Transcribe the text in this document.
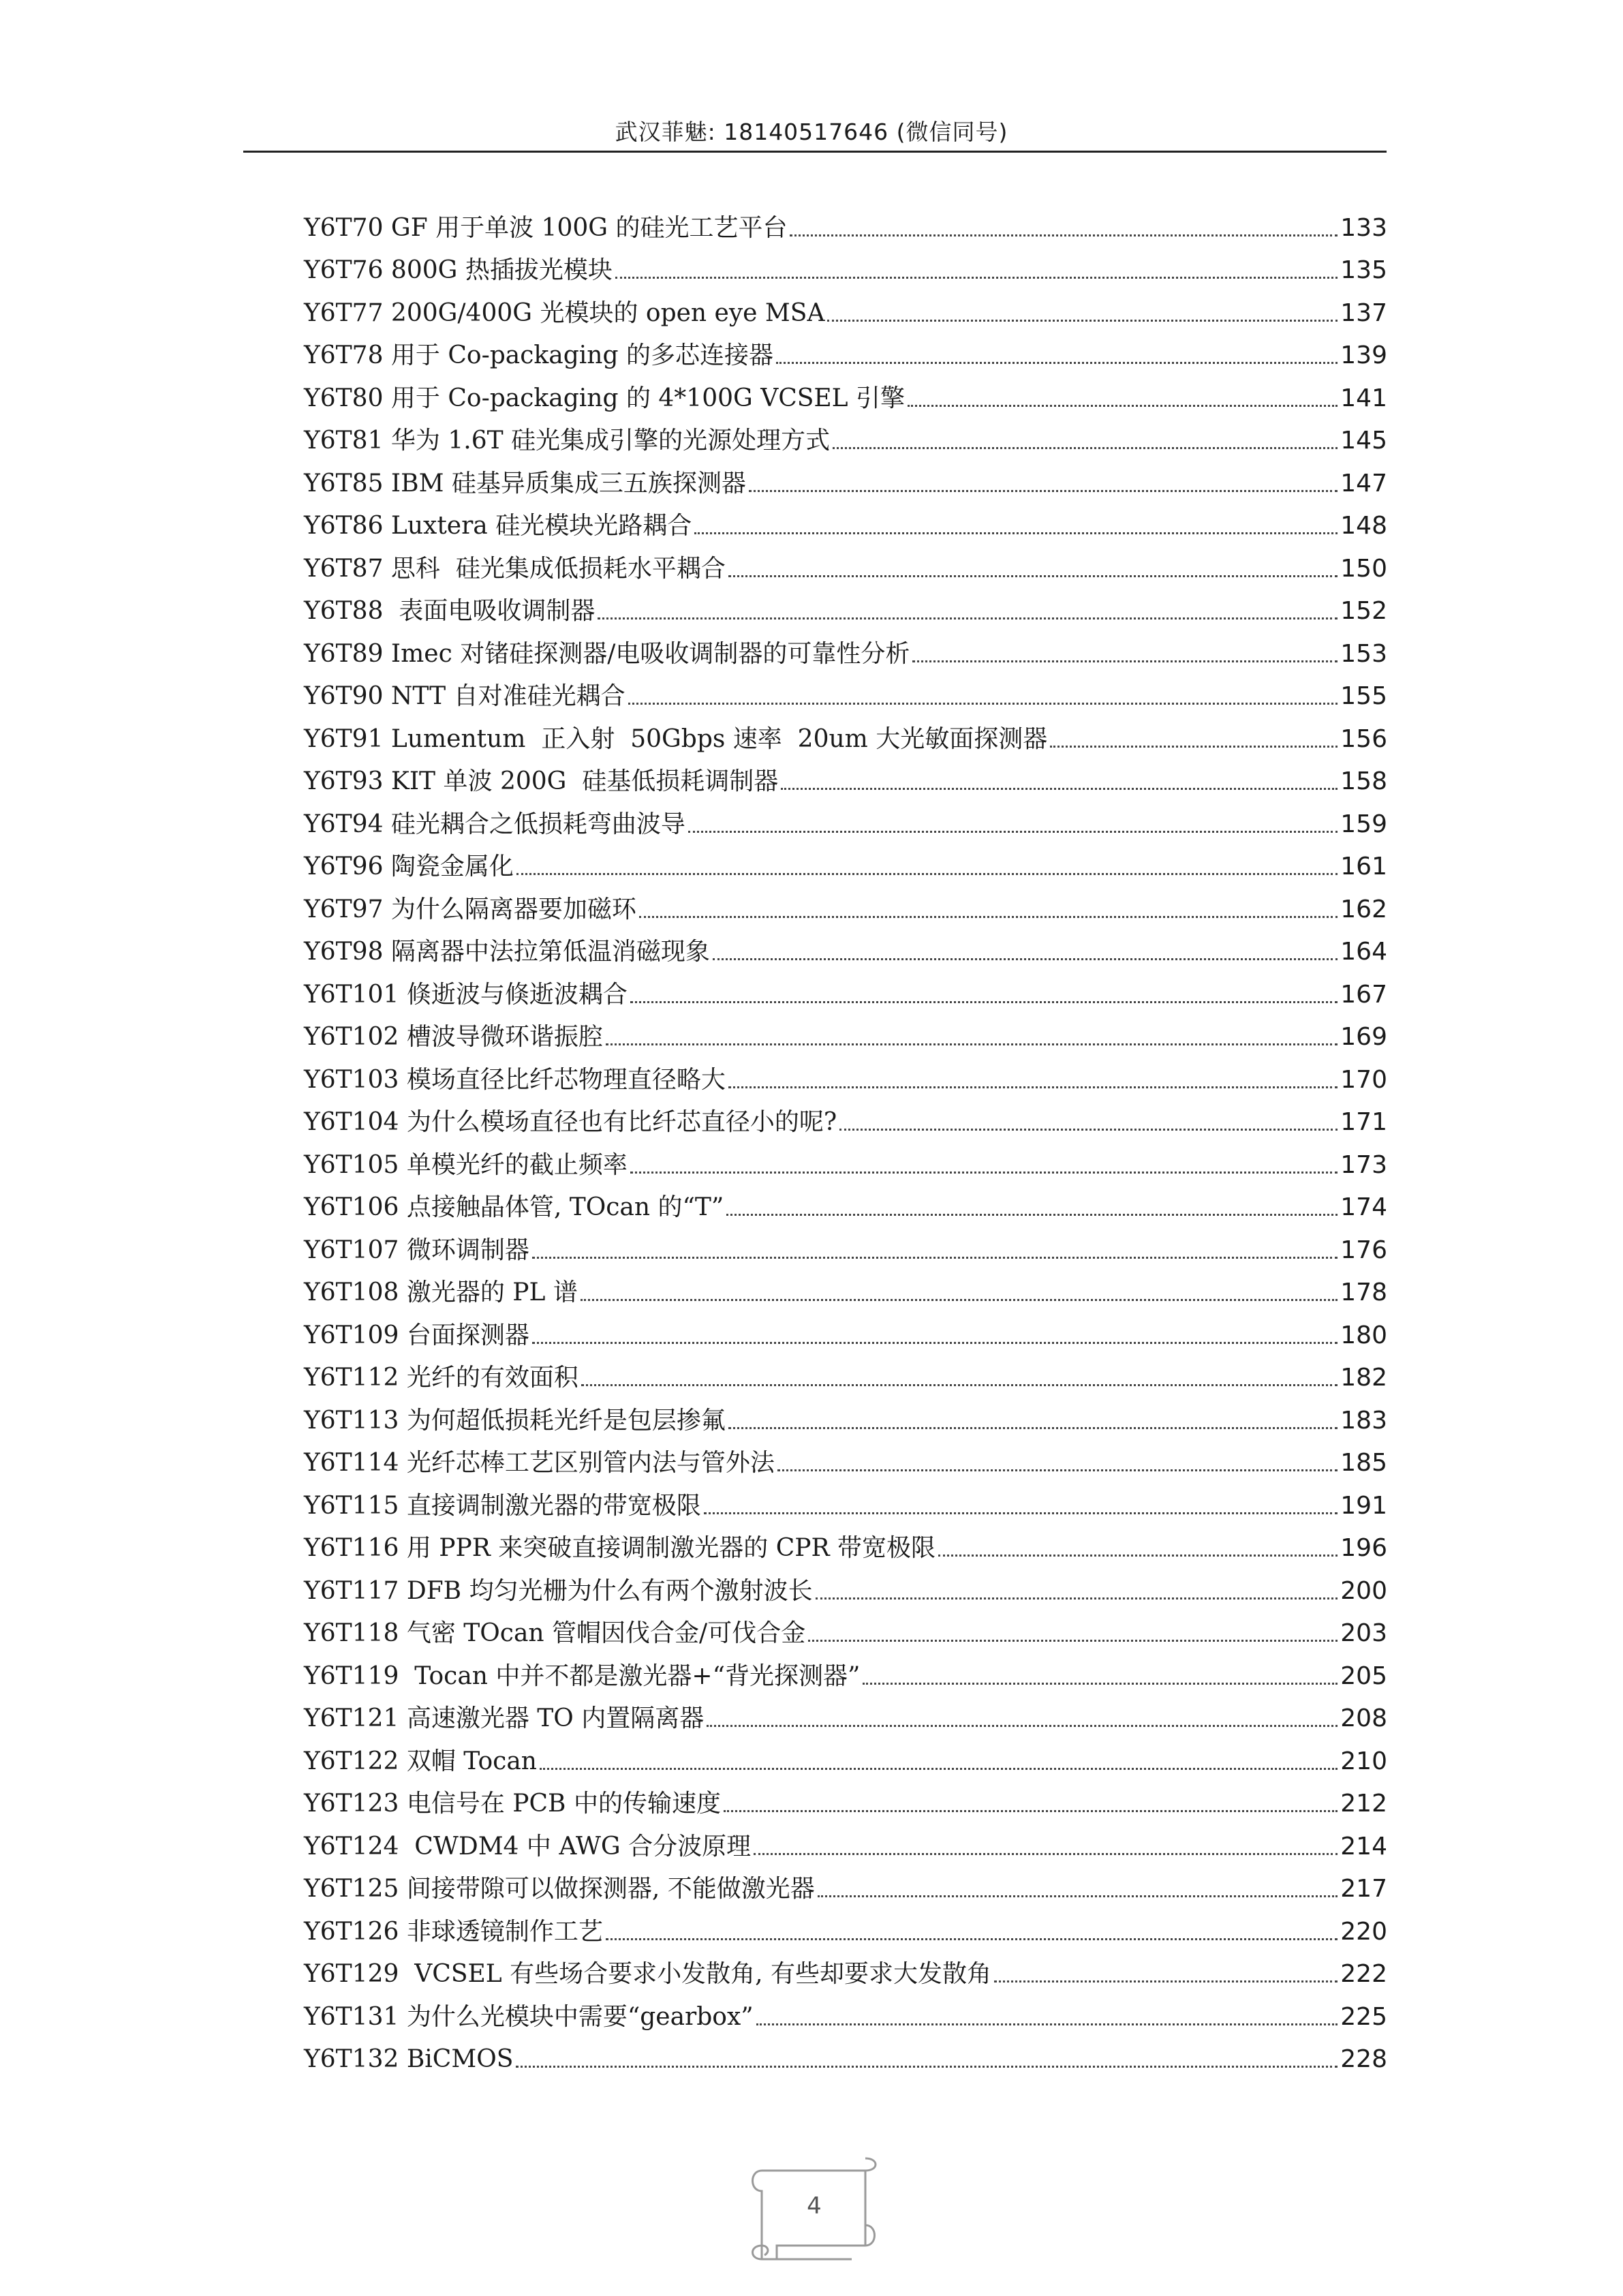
武汉菲魅: 18140517646 (微信同号)
Y6T70 GF 用于单波 100G 的硅光工艺平台	133
Y6T76 800G 热插拔光模块	135
Y6T77 200G/400G 光模块的 open eye MSA	137
Y6T78 用于 Co-packaging 的多芯连接器	139
Y6T80 用于 Co-packaging 的 4*100G VCSEL 引擎	141
Y6T81 华为 1.6T 硅光集成引擎的光源处理方式	145
Y6T85 IBM 硅基异质集成三五族探测器	147
Y6T86 Luxtera 硅光模块光路耦合	148
Y6T87 思科  硅光集成低损耗水平耦合	150
Y6T88  表面电吸收调制器	152
Y6T89 Imec 对锗硅探测器/电吸收调制器的可靠性分析	153
Y6T90 NTT 自对准硅光耦合	155
Y6T91 Lumentum  正入射  50Gbps 速率  20um 大光敏面探测器	156
Y6T93 KIT 单波 200G  硅基低损耗调制器	158
Y6T94 硅光耦合之低损耗弯曲波导	159
Y6T96 陶瓷金属化	161
Y6T97 为什么隔离器要加磁环	162
Y6T98 隔离器中法拉第低温消磁现象	164
Y6T101 倏逝波与倏逝波耦合	167
Y6T102 槽波导微环谐振腔	169
Y6T103 模场直径比纤芯物理直径略大	170
Y6T104 为什么模场直径也有比纤芯直径小的呢?	171
Y6T105 单模光纤的截止频率	173
Y6T106 点接触晶体管, TOcan 的“T”	174
Y6T107 微环调制器	176
Y6T108 激光器的 PL 谱	178
Y6T109 台面探测器	180
Y6T112 光纤的有效面积	182
Y6T113 为何超低损耗光纤是包层掺氟	183
Y6T114 光纤芯棒工艺区别管内法与管外法	185
Y6T115 直接调制激光器的带宽极限	191
Y6T116 用 PPR 来突破直接调制激光器的 CPR 带宽极限	196
Y6T117 DFB 均匀光栅为什么有两个激射波长	200
Y6T118 气密 TOcan 管帽因伐合金/可伐合金	203
Y6T119  Tocan 中并不都是激光器+“背光探测器”	205
Y6T121 高速激光器 TO 内置隔离器	208
Y6T122 双帽 Tocan	210
Y6T123 电信号在 PCB 中的传输速度	212
Y6T124  CWDM4 中 AWG 合分波原理	214
Y6T125 间接带隙可以做探测器, 不能做激光器	217
Y6T126 非球透镜制作工艺	220
Y6T129  VCSEL 有些场合要求小发散角, 有些却要求大发散角	222
Y6T131 为什么光模块中需要“gearbox”	225
Y6T132 BiCMOS	228
4
